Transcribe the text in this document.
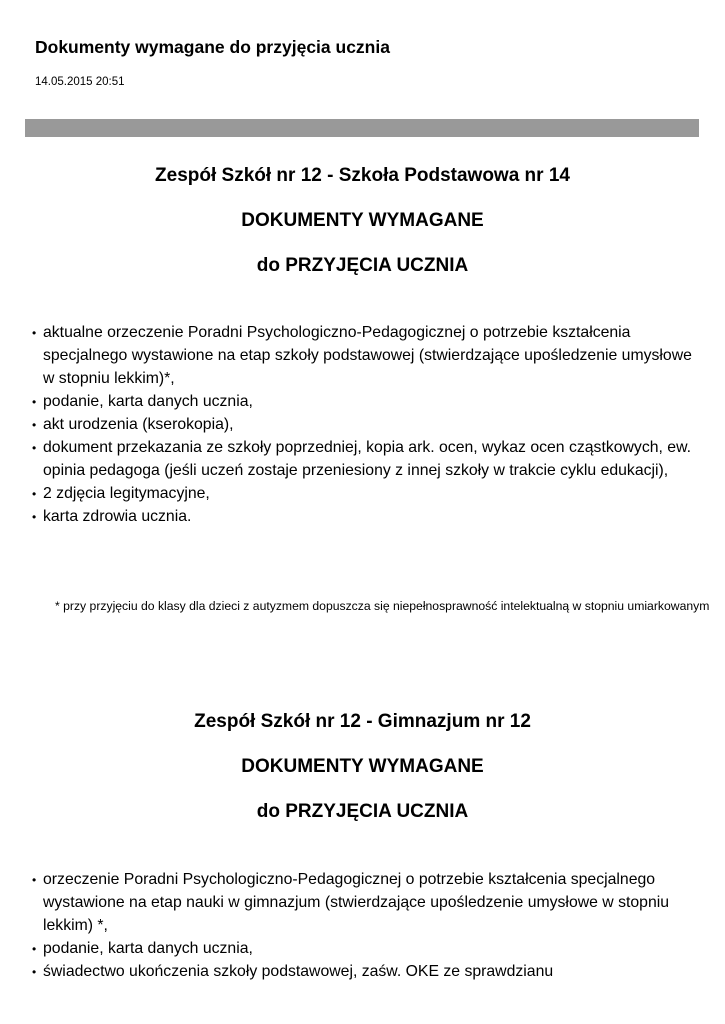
Dokumenty wymagane do przyjęcia ucznia
14.05.2015 20:51
Zespół Szkół nr 12 - Szkoła Podstawowa nr 14
DOKUMENTY WYMAGANE
do PRZYJĘCIA UCZNIA
• aktualne orzeczenie Poradni Psychologiczno-Pedagogicznej o potrzebie kształcenia specjalnego wystawione na etap szkoły podstawowej (stwierdzające upośledzenie umysłowe w stopniu lekkim)*,
• podanie, karta danych ucznia,
• akt urodzenia (kserokopia),
• dokument przekazania ze szkoły poprzedniej, kopia ark. ocen, wykaz ocen cząstkowych, ew. opinia pedagoga (jeśli uczeń zostaje przeniesiony z innej szkoły w trakcie cyklu edukacji),
• 2 zdjęcia legitymacyjne,
• karta zdrowia ucznia.
* przy przyjęciu do klasy dla dzieci z autyzmem dopuszcza się niepełnosprawność intelektualną w stopniu umiarkowanym
Zespół Szkół nr 12 - Gimnazjum nr 12
DOKUMENTY WYMAGANE
do PRZYJĘCIA UCZNIA
• orzeczenie Poradni Psychologiczno-Pedagogicznej o potrzebie kształcenia specjalnego wystawione na etap nauki w gimnazjum (stwierdzające upośledzenie umysłowe w stopniu lekkim) *,
• podanie, karta danych ucznia,
• świadectwo ukończenia szkoły podstawowej, zaśw. OKE ze sprawdzianu
